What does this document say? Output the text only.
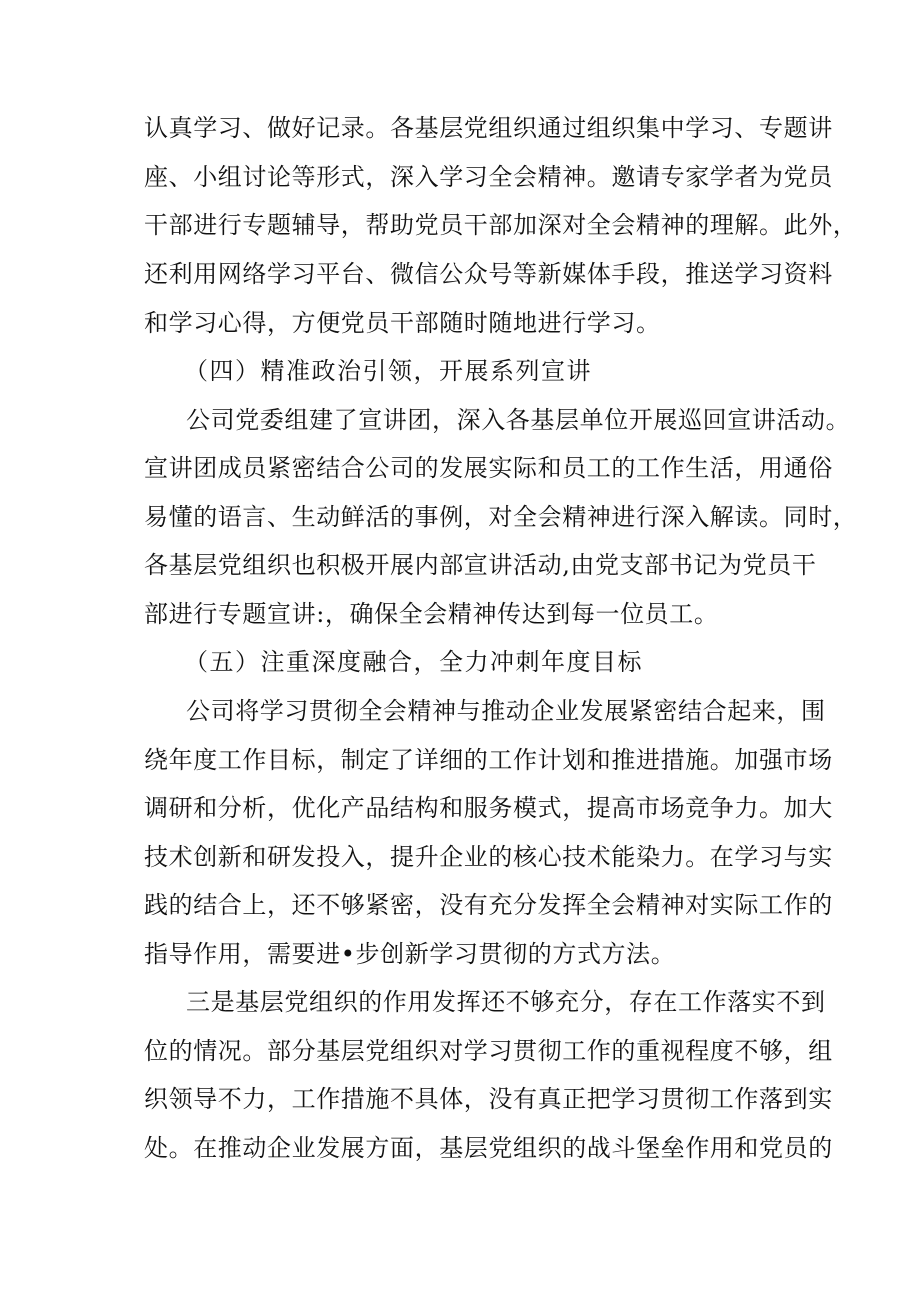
认真学习、做好记录。各基层党组织通过组织集中学习、专题讲

座、小组讨论等形式，深入学习全会精神。邀请专家学者为党员

干部进行专题辅导，帮助党员干部加深对全会精神的理解。此外，

还利用网络学习平台、微信公众号等新媒体手段，推送学习资料

和学习心得，方便党员干部随时随地进行学习。

（四）精准政治引领，开展系列宣讲

公司党委组建了宣讲团，深入各基层单位开展巡回宣讲活动。

宣讲团成员紧密结合公司的发展实际和员工的工作生活，用通俗

易懂的语言、生动鲜活的事例，对全会精神进行深入解读。同时，

各基层党组织也积极开展内部宣讲活动,由党支部书记为党员干

部进行专题宣讲:，确保全会精神传达到每一位员工。

（五）注重深度融合，全力冲刺年度目标

公司将学习贯彻全会精神与推动企业发展紧密结合起来，围

绕年度工作目标，制定了详细的工作计划和推进措施。加强市场

调研和分析，优化产品结构和服务模式，提高市场竞争力。加大

技术创新和研发投入，提升企业的核心技术能染力。在学习与实

践的结合上，还不够紧密，没有充分发挥全会精神对实际工作的

指导作用，需要进•步创新学习贯彻的方式方法。

三是基层党组织的作用发挥还不够充分，存在工作落实不到

位的情况。部分基层党组织对学习贯彻工作的重视程度不够，组

织领导不力，工作措施不具体，没有真正把学习贯彻工作落到实

处。在推动企业发展方面，基层党组织的战斗堡垒作用和党员的
